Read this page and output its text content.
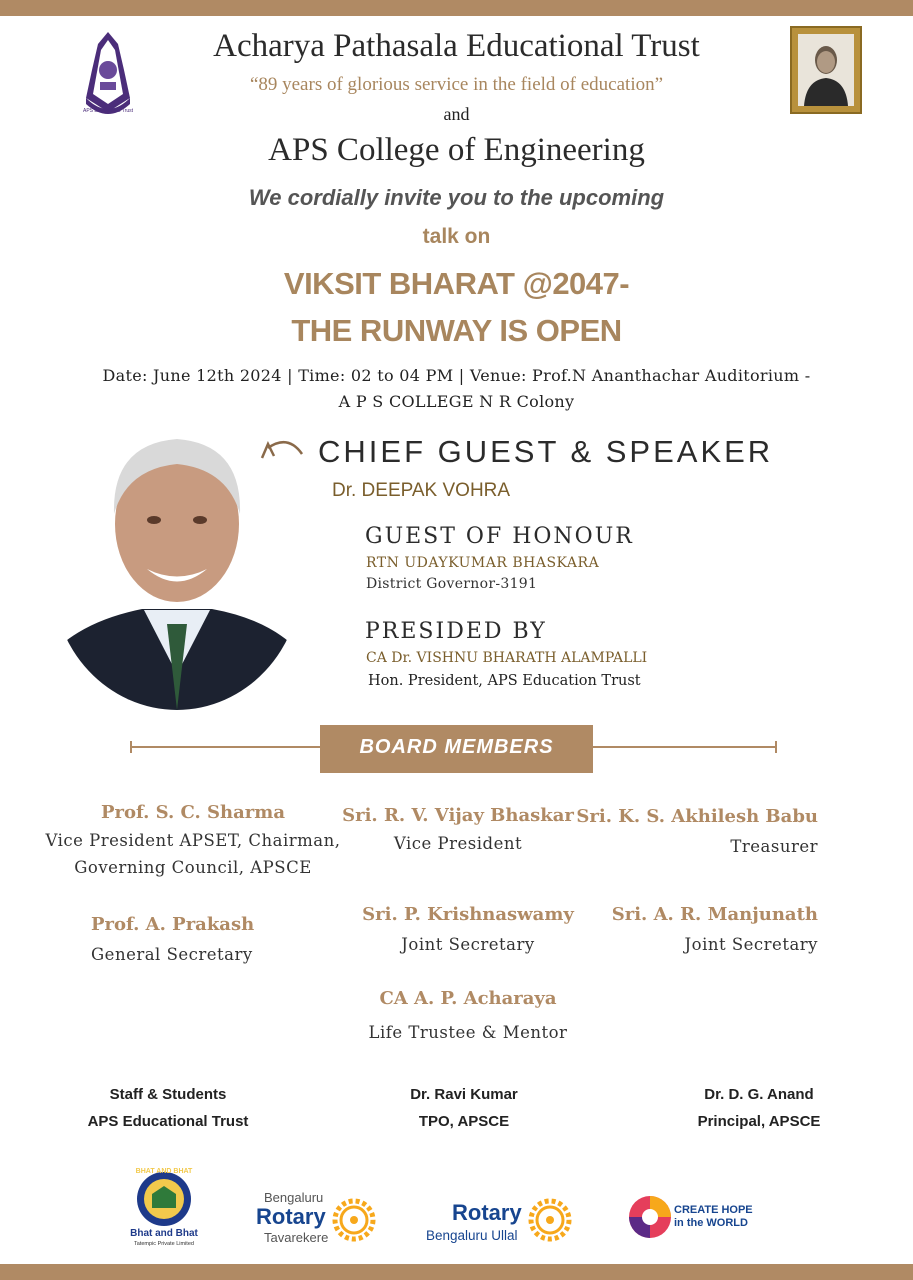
APS Educational Trust
Acharya Pathasala Educational Trust
“89 years of glorious service in the field of education”
and
APS College of Engineering
We cordially invite you to the upcoming
talk on
VIKSIT BHARAT @2047-
THE RUNWAY IS OPEN
Date: June 12th 2024 | Time: 02 to 04 PM | Venue: Prof.N Ananthachar Auditorium -
A P S COLLEGE N R Colony
CHIEF GUEST & SPEAKER
Dr. DEEPAK VOHRA
GUEST OF HONOUR
RTN UDAYKUMAR BHASKARA
District Governor-3191
PRESIDED BY
CA Dr. VISHNU BHARATH ALAMPALLI
Hon. President, APS Education Trust
BOARD MEMBERS
Prof. S. C. Sharma
Vice President APSET, Chairman,
Governing Council, APSCE
Sri. R. V. Vijay Bhaskar
Vice President
Sri. K. S. Akhilesh Babu
Treasurer
Prof. A. Prakash
General Secretary
Sri. P. Krishnaswamy
Joint Secretary
Sri. A. R. Manjunath
Joint Secretary
CA A. P. Acharaya
Life Trustee & Mentor
Staff & Students
APS Educational Trust
Dr. Ravi Kumar
TPO, APSCE
Dr. D. G. Anand
Principal, APSCE
BHAT AND BHAT
Bhat and Bhat
Tatempic Private Limited
Bengaluru
Rotary
Tavarekere
Rotary
Bengaluru Ullal
CREATE HOPE
in the WORLD
